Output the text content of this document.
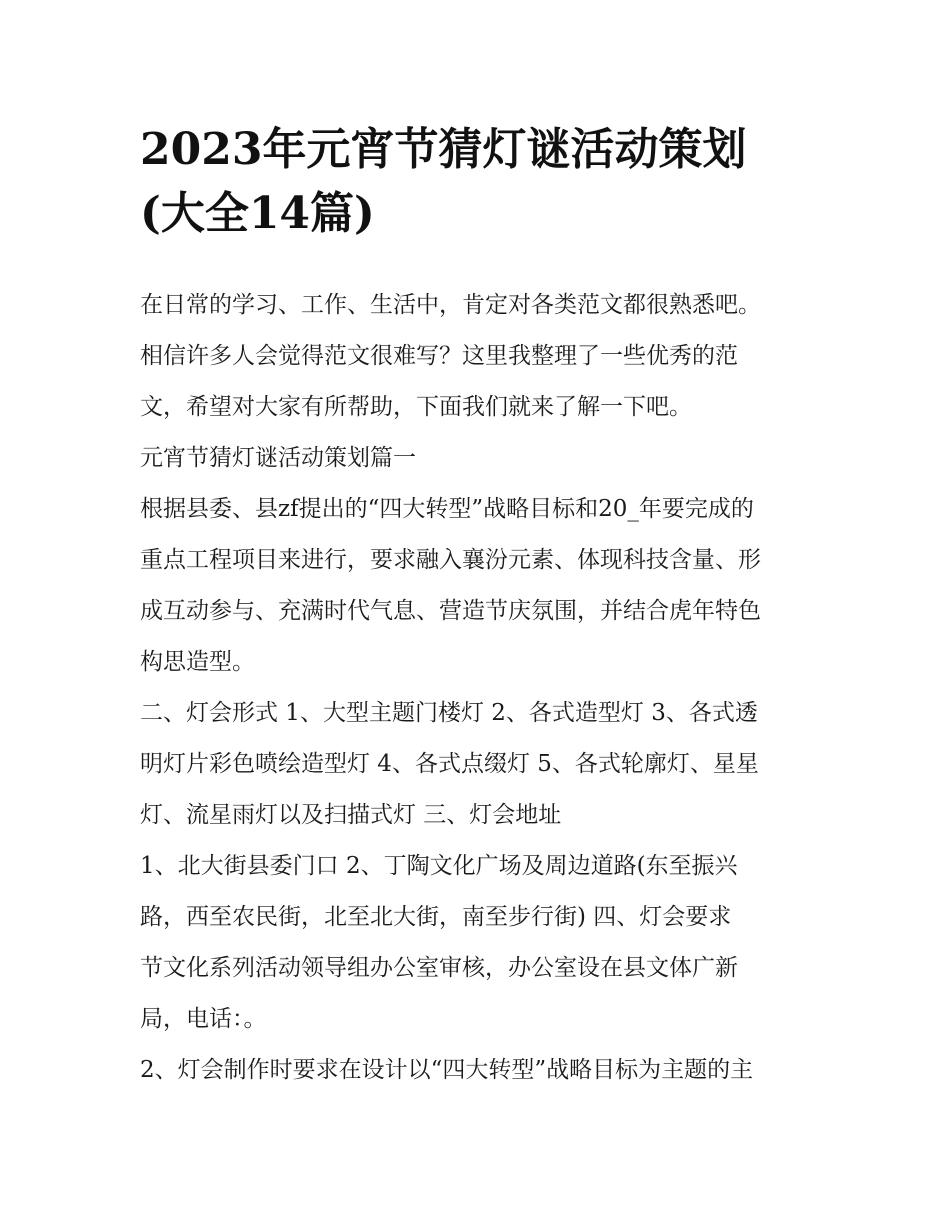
2023年元宵节猜灯谜活动策划
(大全14篇)
在日常的学习、工作、生活中，肯定对各类范文都很熟悉吧。
相信许多人会觉得范文很难写？这里我整理了一些优秀的范
文，希望对大家有所帮助，下面我们就来了解一下吧。
元宵节猜灯谜活动策划篇一
根据县委、县zf提出的“四大转型”战略目标和20_年要完成的
重点工程项目来进行，要求融入襄汾元素、体现科技含量、形
成互动参与、充满时代气息、营造节庆氛围，并结合虎年特色
构思造型。
二、灯会形式 1、大型主题门楼灯 2、各式造型灯 3、各式透
明灯片彩色喷绘造型灯 4、各式点缀灯 5、各式轮廓灯、星星
灯、流星雨灯以及扫描式灯 三、灯会地址
1、北大街县委门口 2、丁陶文化广场及周边道路(东至振兴
路，西至农民街，北至北大街，南至步行街) 四、灯会要求
节文化系列活动领导组办公室审核，办公室设在县文体广新
局，电话：。
2、灯会制作时要求在设计以“四大转型”战略目标为主题的主
